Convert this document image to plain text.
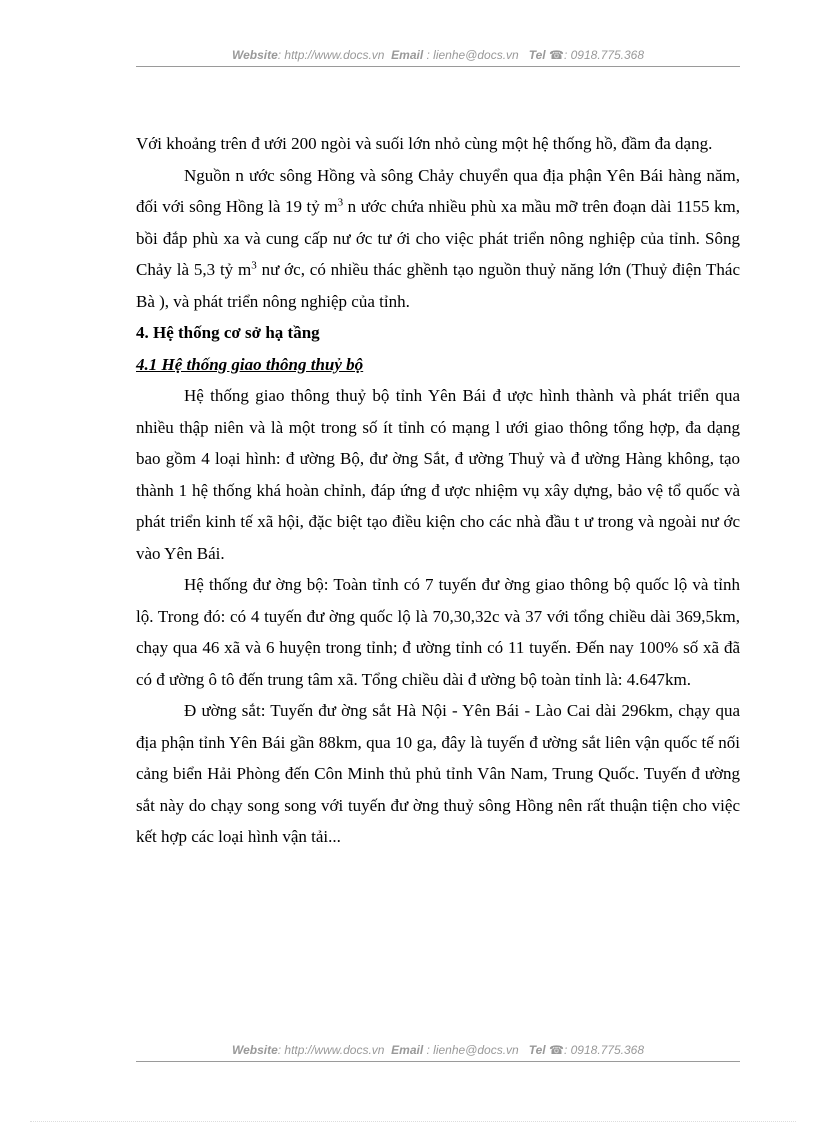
Website: http://www.docs.vn Email : lienhe@docs.vn Tel ☎: 0918.775.368

Với khoảng trên đ ưới 200 ngòi và suối lớn nhỏ cùng một hệ thống hồ, đầm đa dạng.

Nguồn n ước sông Hồng và sông Chảy chuyển qua địa phận Yên Bái hàng năm, đối với sông Hồng là 19 tỷ $m^3$ n ước chứa nhiều phù xa mầu mỡ trên đoạn dài 1155 km, bồi đắp phù xa và cung cấp nư ớc tư ới cho việc phát triển nông nghiệp của tỉnh. Sông Chảy là 5,3 tỷ $m^3$ nư ớc, có nhiều thác ghềnh tạo nguồn thuỷ năng lớn (Thuỷ điện Thác Bà ), và phát triển nông nghiệp của tỉnh.

4. Hệ thống cơ sở hạ tầng

4.1 Hệ thống giao thông thuỷ bộ

Hệ thống giao thông thuỷ bộ tỉnh Yên Bái đ ược hình thành và phát triển qua nhiều thập niên và là một trong số ít tỉnh có mạng l ưới giao thông tổng hợp, đa dạng bao gồm 4 loại hình: đ ường Bộ, đư ờng Sắt, đ ường Thuỷ và đ ường Hàng không, tạo thành 1 hệ thống khá hoàn chỉnh, đáp ứng đ ược nhiệm vụ xây dựng, bảo vệ tổ quốc và phát triển kinh tế xã hội, đặc biệt tạo điều kiện cho các nhà đầu t ư trong và ngoài nư ớc vào Yên Bái.

Hệ thống đư ờng bộ: Toàn tỉnh có 7 tuyến đư ờng giao thông bộ quốc lộ và tỉnh lộ. Trong đó: có 4 tuyến đư ờng quốc lộ là 70,30,32c và 37 với tổng chiều dài 369,5km, chạy qua 46 xã và 6 huyện trong tỉnh; đ ường tỉnh có 11 tuyến. Đến nay 100% số xã đã có đ ường ô tô đến trung tâm xã. Tổng chiều dài đ ường bộ toàn tỉnh là: 4.647km.

Đ ường sắt: Tuyến đư ờng sắt Hà Nội - Yên Bái - Lào Cai dài 296km, chạy qua địa phận tỉnh Yên Bái gần 88km, qua 10 ga, đây là tuyến đ ường sắt liên vận quốc tế nối cảng biển Hải Phòng đến Côn Minh thủ phủ tỉnh Vân Nam, Trung Quốc. Tuyến đ ường sắt này do chạy song song với tuyến đư ờng thuỷ sông Hồng nên rất thuận tiện cho việc kết hợp các loại hình vận tải...

Website: http://www.docs.vn Email : lienhe@docs.vn Tel ☎: 0918.775.368
